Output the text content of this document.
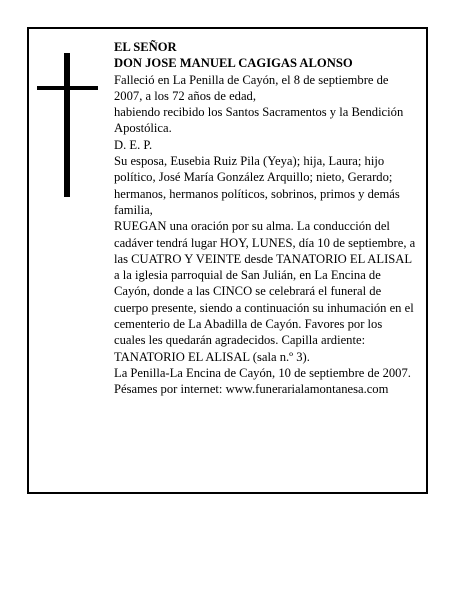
EL SEÑOR

DON JOSE MANUEL CAGIGAS ALONSO

Falleció en La Penilla de Cayón, el 8 de septiembre de 2007, a los 72 años de edad,

habiendo recibido los Santos Sacramentos y la Bendición Apostólica.

D. E. P.

Su esposa, Eusebia Ruiz Pila (Yeya); hija, Laura; hijo político, José María González Arquillo; nieto, Gerardo; hermanos, hermanos políticos, sobrinos, primos y demás familia,

RUEGAN una oración por su alma. La conducción del cadáver tendrá lugar HOY, LUNES, día 10 de septiembre, a las CUATRO Y VEINTE desde TANATORIO EL ALISAL a la iglesia parroquial de San Julián, en La Encina de Cayón, donde a las CINCO se celebrará el funeral de cuerpo presente, siendo a continuación su inhumación en el cementerio de La Abadilla de Cayón. Favores por los cuales les quedarán agradecidos. Capilla ardiente: TANATORIO EL ALISAL (sala n.º 3).

La Penilla-La Encina de Cayón, 10 de septiembre de 2007.

Pésames por internet: www.funerarialamontanesa.com
